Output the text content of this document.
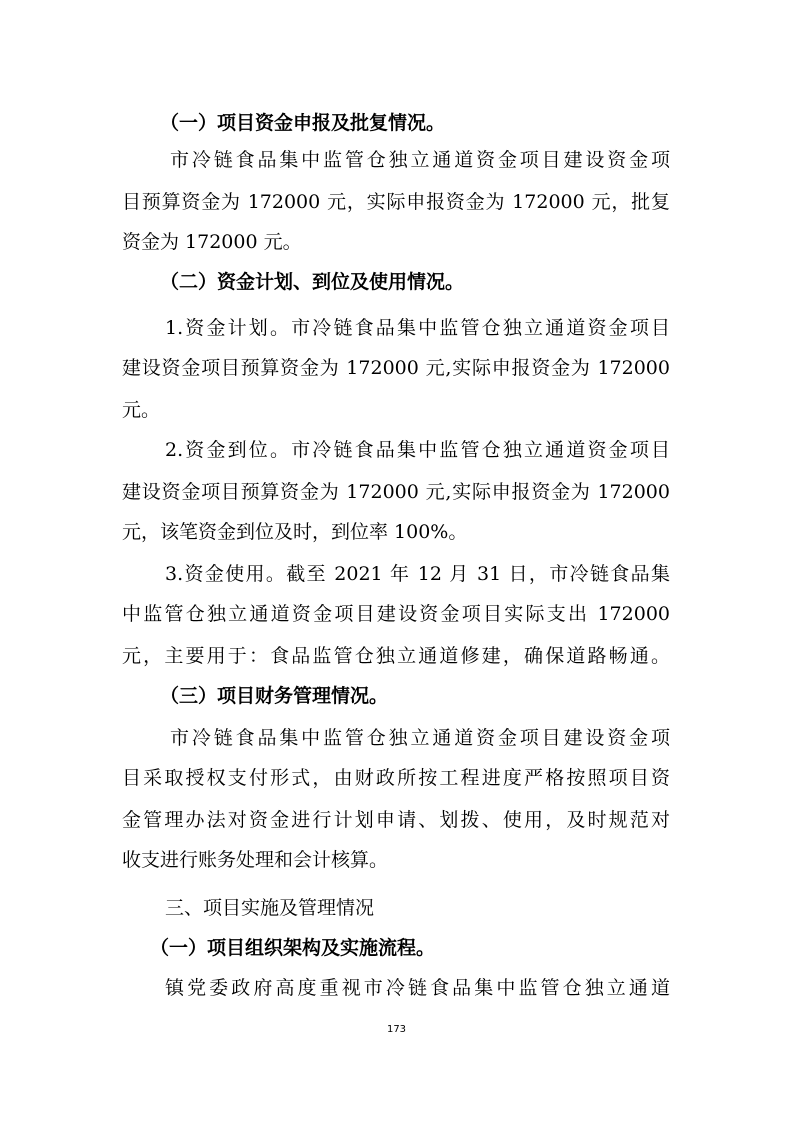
（一）项目资金申报及批复情况。
市冷链食品集中监管仓独立通道资金项目建设资金项
目预算资金为 172000 元，实际申报资金为 172000 元，批复
资金为 172000 元。
（二）资金计划、到位及使用情况。
1.资金计划。市冷链食品集中监管仓独立通道资金项目
建设资金项目预算资金为 172000 元,实际申报资金为 172000
元。
2.资金到位。市冷链食品集中监管仓独立通道资金项目
建设资金项目预算资金为 172000 元,实际申报资金为 172000
元，该笔资金到位及时，到位率 100%。
3.资金使用。截至 2021 年 12 月 31 日，市冷链食品集
中监管仓独立通道资金项目建设资金项目实际支出 172000
元，主要用于：食品监管仓独立通道修建，确保道路畅通。
（三）项目财务管理情况。
市冷链食品集中监管仓独立通道资金项目建设资金项
目采取授权支付形式，由财政所按工程进度严格按照项目资
金管理办法对资金进行计划申请、划拨、使用，及时规范对
收支进行账务处理和会计核算。
三、项目实施及管理情况
（一）项目组织架构及实施流程。
镇党委政府高度重视市冷链食品集中监管仓独立通道
173
